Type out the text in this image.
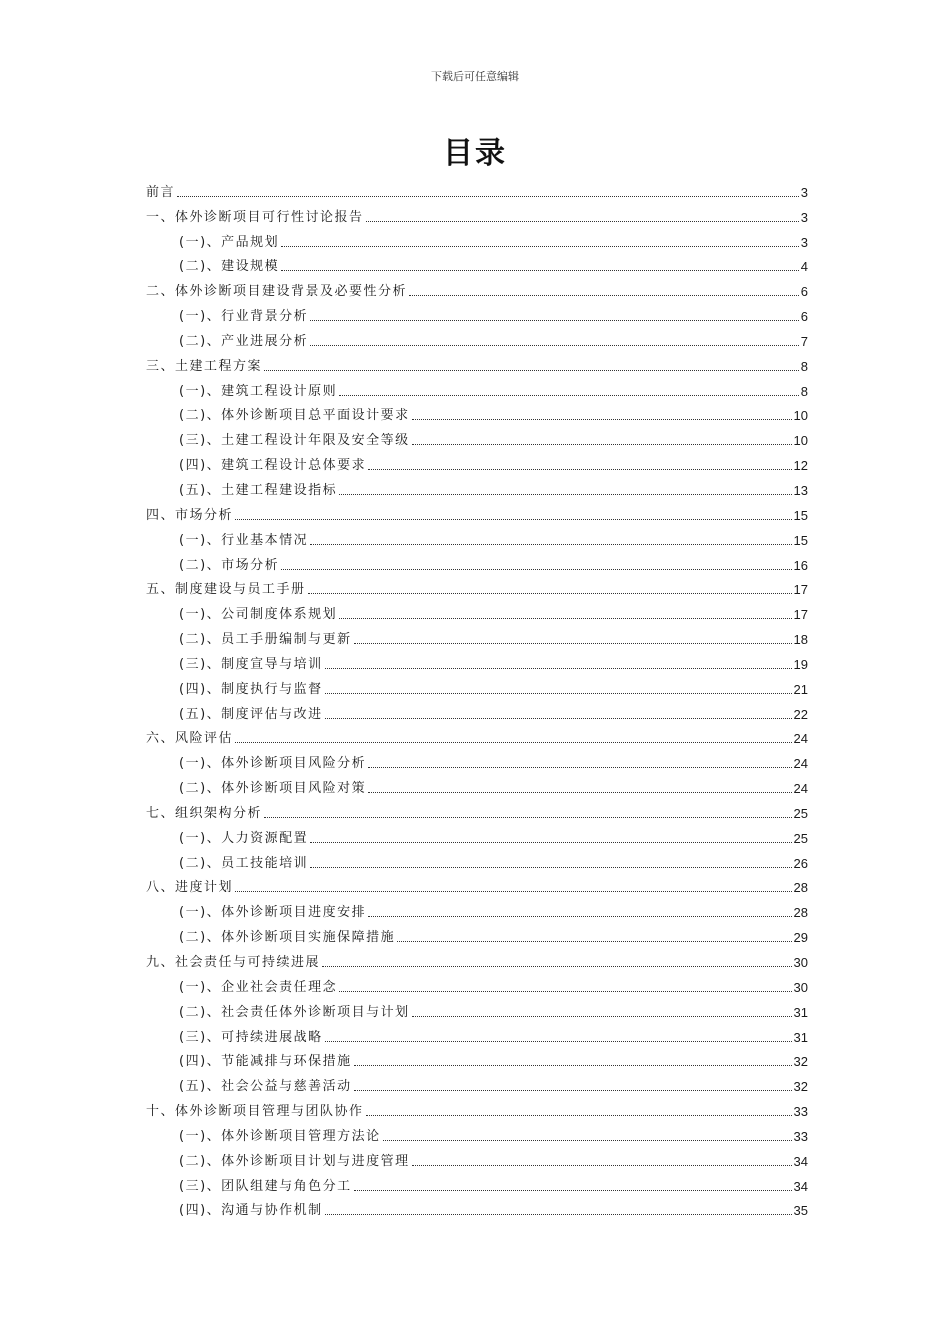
下载后可任意编辑
目录
前言	3
一、体外诊断项目可行性讨论报告	3
(一)、产品规划	3
(二)、建设规模	4
二、体外诊断项目建设背景及必要性分析	6
(一)、行业背景分析	6
(二)、产业进展分析	7
三、土建工程方案	8
(一)、建筑工程设计原则	8
(二)、体外诊断项目总平面设计要求	10
(三)、土建工程设计年限及安全等级	10
(四)、建筑工程设计总体要求	12
(五)、土建工程建设指标	13
四、市场分析	15
(一)、行业基本情况	15
(二)、市场分析	16
五、制度建设与员工手册	17
(一)、公司制度体系规划	17
(二)、员工手册编制与更新	18
(三)、制度宣导与培训	19
(四)、制度执行与监督	21
(五)、制度评估与改进	22
六、风险评估	24
(一)、体外诊断项目风险分析	24
(二)、体外诊断项目风险对策	24
七、组织架构分析	25
(一)、人力资源配置	25
(二)、员工技能培训	26
八、进度计划	28
(一)、体外诊断项目进度安排	28
(二)、体外诊断项目实施保障措施	29
九、社会责任与可持续进展	30
(一)、企业社会责任理念	30
(二)、社会责任体外诊断项目与计划	31
(三)、可持续进展战略	31
(四)、节能减排与环保措施	32
(五)、社会公益与慈善活动	32
十、体外诊断项目管理与团队协作	33
(一)、体外诊断项目管理方法论	33
(二)、体外诊断项目计划与进度管理	34
(三)、团队组建与角色分工	34
(四)、沟通与协作机制	35
